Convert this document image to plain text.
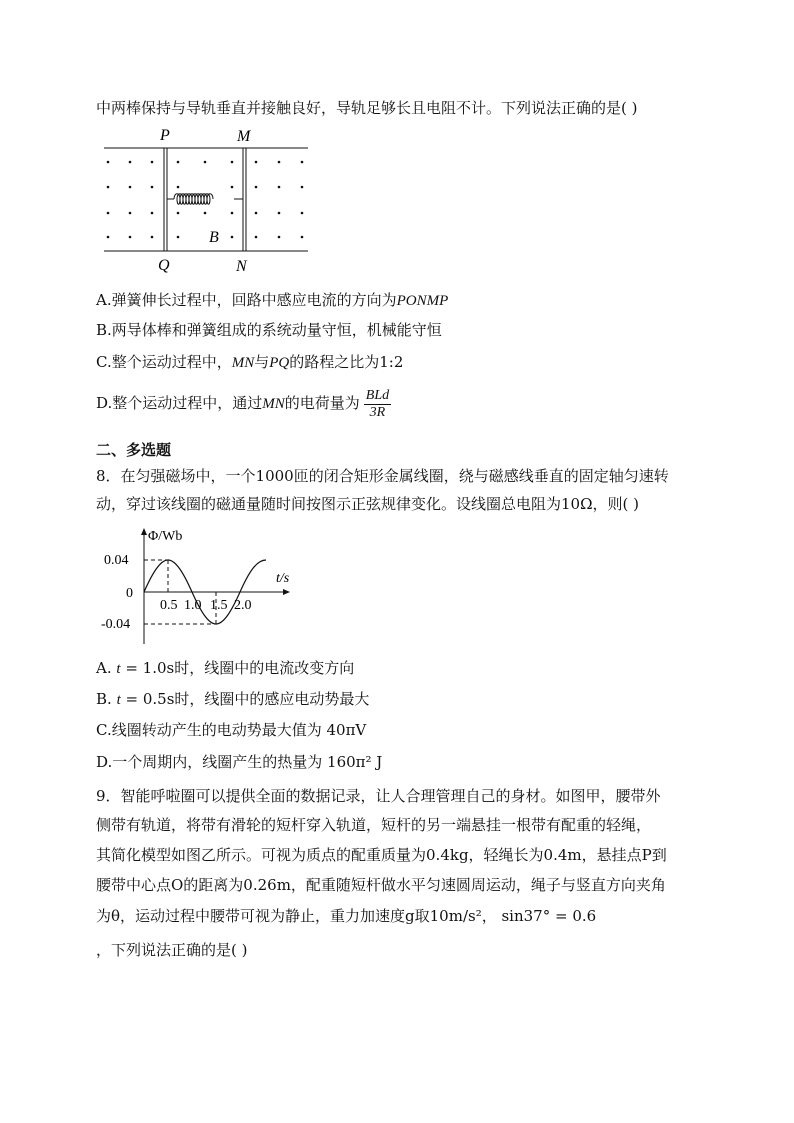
中两棒保持与导轨垂直并接触良好，导轨足够长且电阻不计。下列说法正确的是( )
P	M
Q	N
B
A.弹簧伸长过程中，回路中感应电流的方向为PONMP
B.两导体棒和弹簧组成的系统动量守恒，机械能守恒
C.整个运动过程中，MN与PQ的路程之比为1:2
D.整个运动过程中，通过MN的电荷量为 $\frac{\text{BLd}}{3R}$
二、多选题
8．在匀强磁场中，一个1000匝的闭合矩形金属线圈，绕与磁感线垂直的固定轴匀速转
动，穿过该线圈的磁通量随时间按图示正弦规律变化。设线圈总电阻为10Ω，则( )
Φ/Wb
t/s
0.04
0
-0.04
0.5 1.0 1.5 2.0
A. t = 1.0s时，线圈中的电流改变方向
B. t = 0.5s时，线圈中的感应电动势最大
C.线圈转动产生的电动势最大值为 40πV
D.一个周期内，线圈产生的热量为 160π² J
9．智能呼啦圈可以提供全面的数据记录，让人合理管理自己的身材。如图甲，腰带外
侧带有轨道，将带有滑轮的短杆穿入轨道，短杆的另一端悬挂一根带有配重的轻绳，
其简化模型如图乙所示。可视为质点的配重质量为0.4kg，轻绳长为0.4m，悬挂点P到
腰带中心点O的距离为0.26m，配重随短杆做水平匀速圆周运动，绳子与竖直方向夹角
为θ，运动过程中腰带可视为静止，重力加速度g取10m/s²， sin37° = 0.6
，下列说法正确的是( )
